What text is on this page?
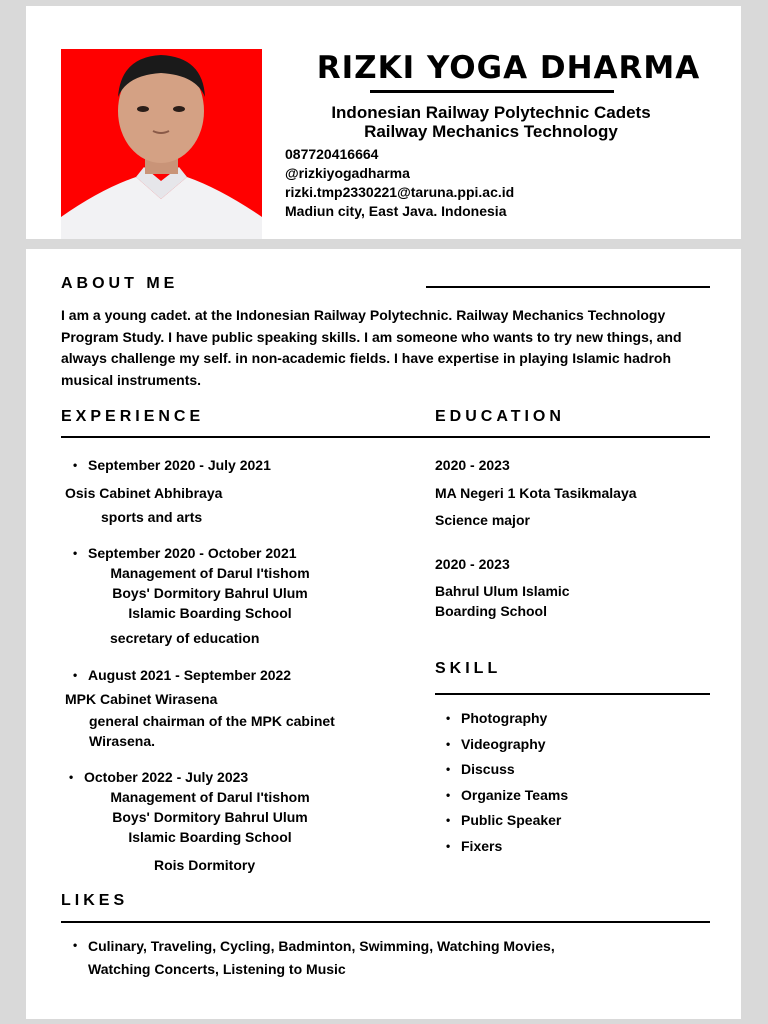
RIZKI YOGA DHARMA
Indonesian Railway Polytechnic Cadets
Railway Mechanics Technology
087720416664
@rizkiyogadharma
rizki.tmp2330221@taruna.ppi.ac.id
Madiun city, East Java. Indonesia
ABOUT ME
I am a young cadet. at the Indonesian Railway Polytechnic. Railway Mechanics Technology Program Study. I have public speaking skills. I am someone who wants to try new things, and always challenge my self. in non-academic fields. I have expertise in playing Islamic hadroh musical instruments.
EXPERIENCE
• September 2020 - July 2021
Osis Cabinet Abhibraya
sports and arts
• September 2020 - October 2021
Management of Darul I'tishom
Boys' Dormitory Bahrul Ulum
Islamic Boarding School
secretary of education
• August 2021 - September 2022
MPK Cabinet Wirasena
general chairman of the MPK cabinet
Wirasena.
• October 2022 - July 2023
Management of Darul I'tishom
Boys' Dormitory Bahrul Ulum
Islamic Boarding School
Rois Dormitory
EDUCATION
2020 - 2023
MA Negeri 1 Kota Tasikmalaya
Science major
2020 - 2023
Bahrul Ulum Islamic
Boarding School
SKILL
• Photography
• Videography
• Discuss
• Organize Teams
• Public Speaker
• Fixers
LIKES
• Culinary, Traveling, Cycling, Badminton, Swimming, Watching Movies,
Watching Concerts, Listening to Music
